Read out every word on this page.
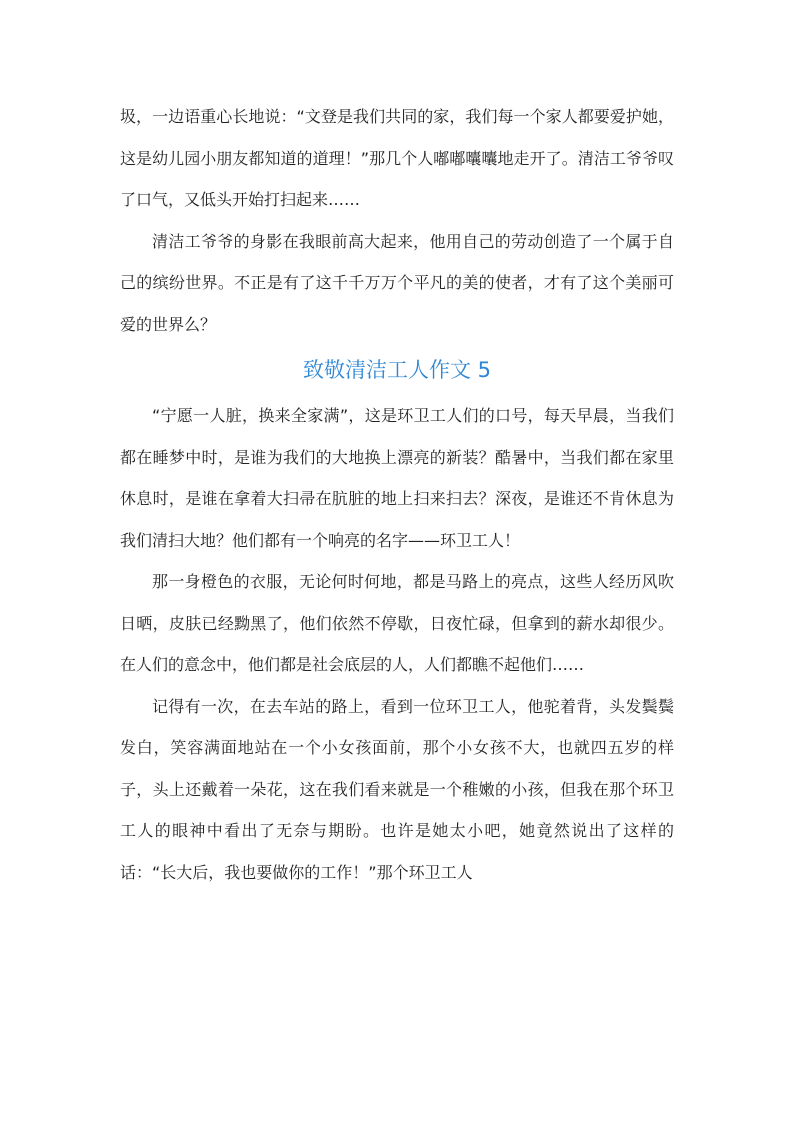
圾，一边语重心长地说：“文登是我们共同的家，我们每一个家人都要爱护她，这是幼儿园小朋友都知道的道理！”那几个人嘟嘟囔囔地走开了。清洁工爷爷叹了口气，又低头开始打扫起来……

清洁工爷爷的身影在我眼前高大起来，他用自己的劳动创造了一个属于自己的缤纷世界。不正是有了这千千万万个平凡的美的使者，才有了这个美丽可爱的世界么？

致敬清洁工人作文 5

“宁愿一人脏，换来全家满”，这是环卫工人们的口号，每天早晨，当我们都在睡梦中时，是谁为我们的大地换上漂亮的新装？酷暑中，当我们都在家里休息时，是谁在拿着大扫帚在肮脏的地上扫来扫去？深夜，是谁还不肯休息为我们清扫大地？他们都有一个响亮的名字——环卫工人！

那一身橙色的衣服，无论何时何地，都是马路上的亮点，这些人经历风吹日晒，皮肤已经黝黑了，他们依然不停歇，日夜忙碌，但拿到的薪水却很少。在人们的意念中，他们都是社会底层的人，人们都瞧不起他们……

记得有一次，在去车站的路上，看到一位环卫工人，他驼着背，头发鬓鬓发白，笑容满面地站在一个小女孩面前，那个小女孩不大，也就四五岁的样子，头上还戴着一朵花，这在我们看来就是一个稚嫩的小孩，但我在那个环卫工人的眼神中看出了无奈与期盼。也许是她太小吧，她竟然说出了这样的话：“长大后，我也要做你的工作！”那个环卫工人
